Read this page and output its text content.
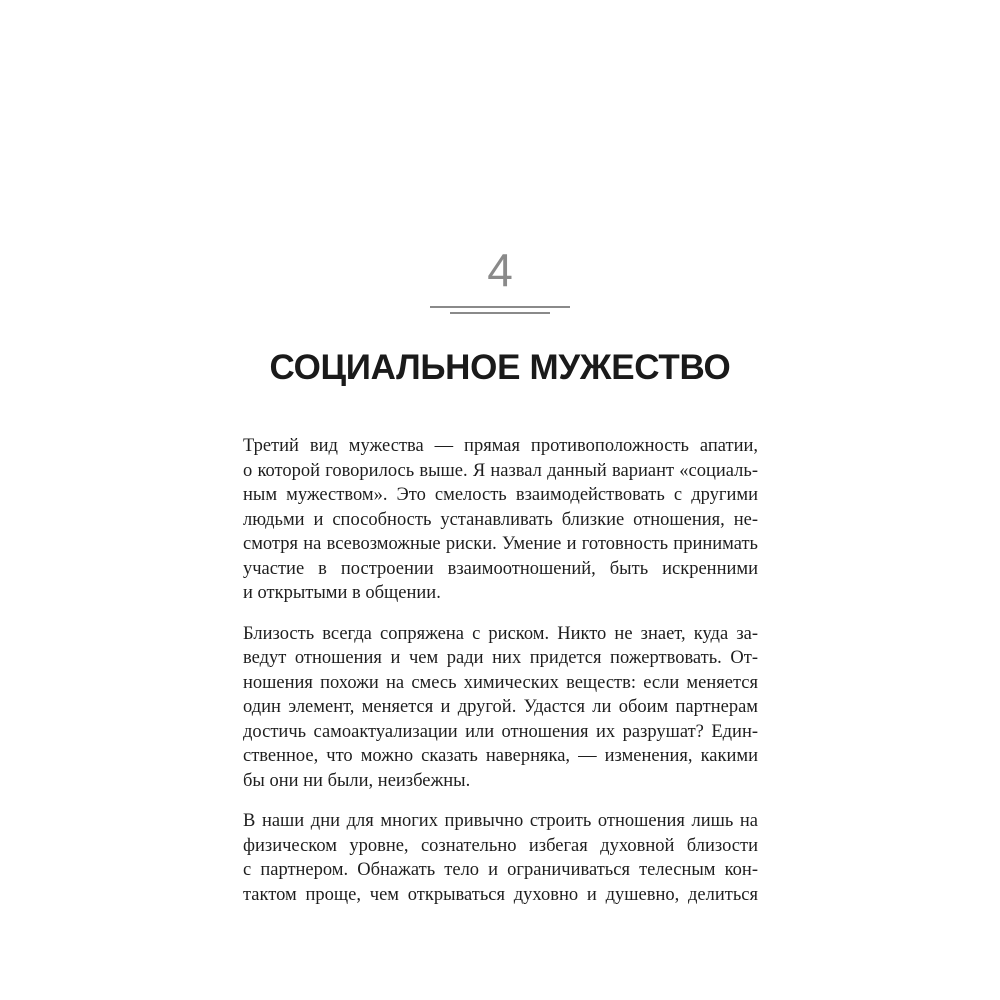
4
СОЦИАЛЬНОЕ МУЖЕСТВО
Третий вид мужества — прямая противоположность апатии,
о которой говорилось выше. Я назвал данный вариант «социаль-
ным мужеством». Это смелость взаимодействовать с другими
людьми и способность устанавливать близкие отношения, не-
смотря на всевозможные риски. Умение и готовность принимать
участие в построении взаимоотношений, быть искренними
и открытыми в общении.
Близость всегда сопряжена с риском. Никто не знает, куда за-
ведут отношения и чем ради них придется пожертвовать. От-
ношения похожи на смесь химических веществ: если меняется
один элемент, меняется и другой. Удастся ли обоим партнерам
достичь самоактуализации или отношения их разрушат? Един-
ственное, что можно сказать наверняка, — изменения, какими
бы они ни были, неизбежны.
В наши дни для многих привычно строить отношения лишь на
физическом уровне, сознательно избегая духовной близости
с партнером. Обнажать тело и ограничиваться телесным кон-
тактом проще, чем открываться духовно и душевно, делиться
